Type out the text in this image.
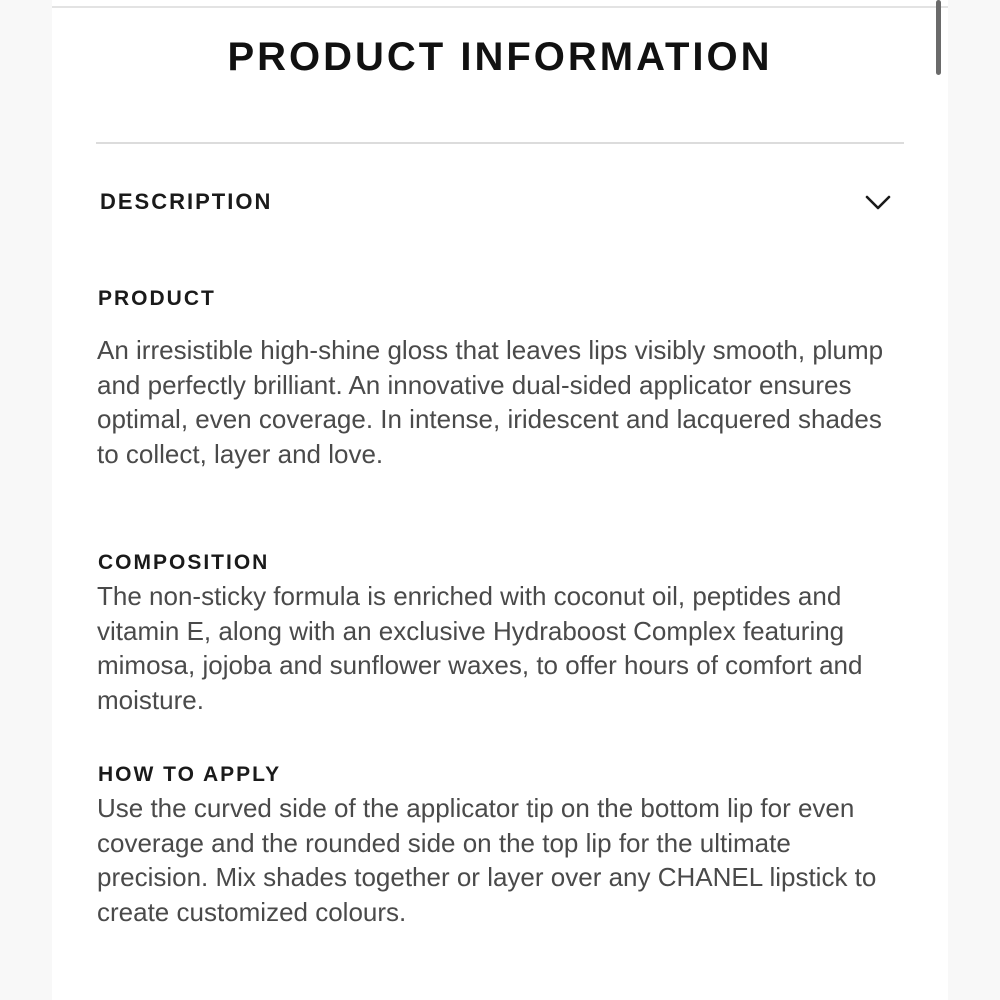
PRODUCT INFORMATION
DESCRIPTION
PRODUCT

An irresistible high-shine gloss that leaves lips visibly smooth, plump and perfectly brilliant. An innovative dual-sided applicator ensures optimal, even coverage. In intense, iridescent and lacquered shades to collect, layer and love.

COMPOSITION

The non-sticky formula is enriched with coconut oil, peptides and vitamin E, along with an exclusive Hydraboost Complex featuring mimosa, jojoba and sunflower waxes, to offer hours of comfort and moisture.

HOW TO APPLY

Use the curved side of the applicator tip on the bottom lip for even coverage and the rounded side on the top lip for the ultimate precision. Mix shades together or layer over any CHANEL lipstick to create customized colours.
